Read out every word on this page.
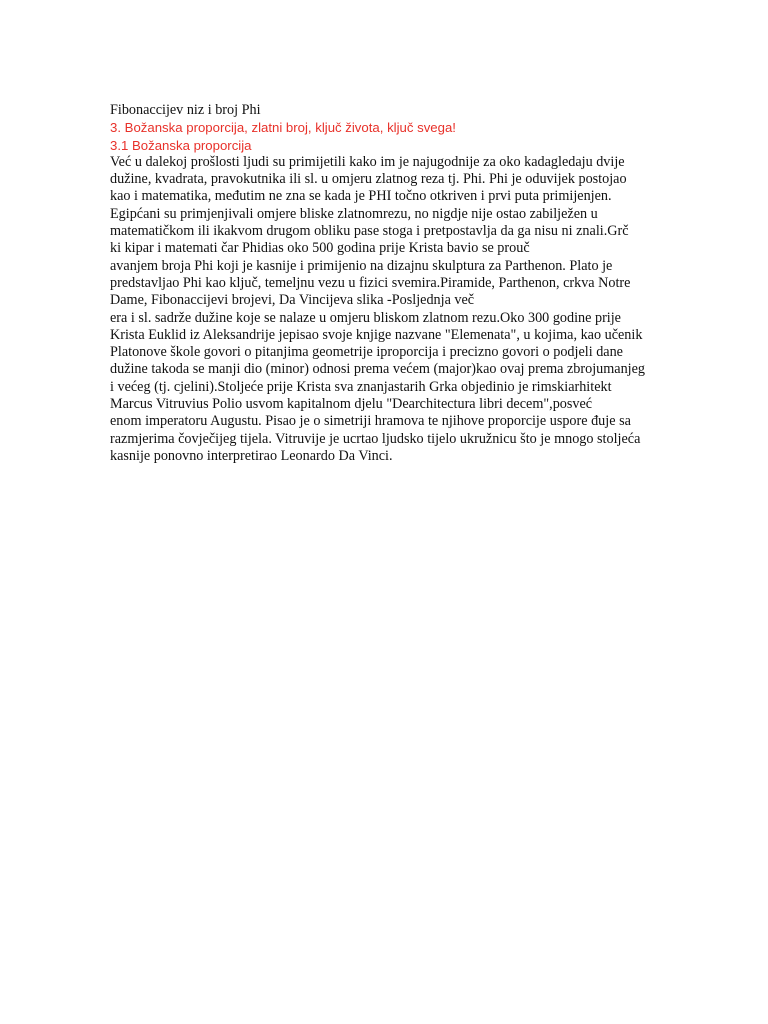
Fibonaccijev niz i broj Phi
3. Božanska proporcija, zlatni broj, ključ života, ključ svega!
3.1 Božanska proporcija
Već u dalekoj prošlosti ljudi su primijetili kako im je najugodnije za oko kadagledaju dvije
dužine, kvadrata, pravokutnika ili sl. u omjeru zlatnog reza tj. Phi. Phi je oduvijek postojao
kao i matematika, međutim ne zna se kada je PHI točno otkriven i prvi puta primijenjen.
Egipćani su primjenjivali omjere bliske zlatnomrezu, no nigdje nije ostao zabilježen u
matematičkom ili ikakvom drugom obliku pase stoga i pretpostavlja da ga nisu ni znali.Grč
ki kipar i matemati čar Phidias oko 500 godina prije Krista bavio se prouč
avanjem broja Phi koji je kasnije i primijenio na dizajnu skulptura za Parthenon. Plato je
predstavljao Phi kao ključ, temeljnu vezu u fizici svemira.Piramide, Parthenon, crkva Notre
Dame, Fibonaccijevi brojevi, Da Vincijeva slika -Posljednja več
era i sl. sadrže dužine koje se nalaze u omjeru bliskom zlatnom rezu.Oko 300 godine prije
Krista Euklid iz Aleksandrije jepisao svoje knjige nazvane "Elemenata", u kojima, kao učenik
Platonove škole govori o pitanjima geometrije iproporcija i precizno govori o podjeli dane
dužine takoda se manji dio (minor) odnosi prema većem (major)kao ovaj prema zbrojumanjeg
i većeg (tj. cjelini).Stoljeće prije Krista sva znanjastarih Grka objedinio je rimskiarhitekt
Marcus Vitruvius Polio usvom kapitalnom djelu "Dearchitectura libri decem",posveć
enom imperatoru Augustu. Pisao je o simetriji hramova te njihove proporcije uspore đuje sa
razmjerima čovječijeg tijela. Vitruvije je ucrtao ljudsko tijelo ukružnicu što je mnogo stoljeća
kasnije ponovno interpretirao Leonardo Da Vinci.
